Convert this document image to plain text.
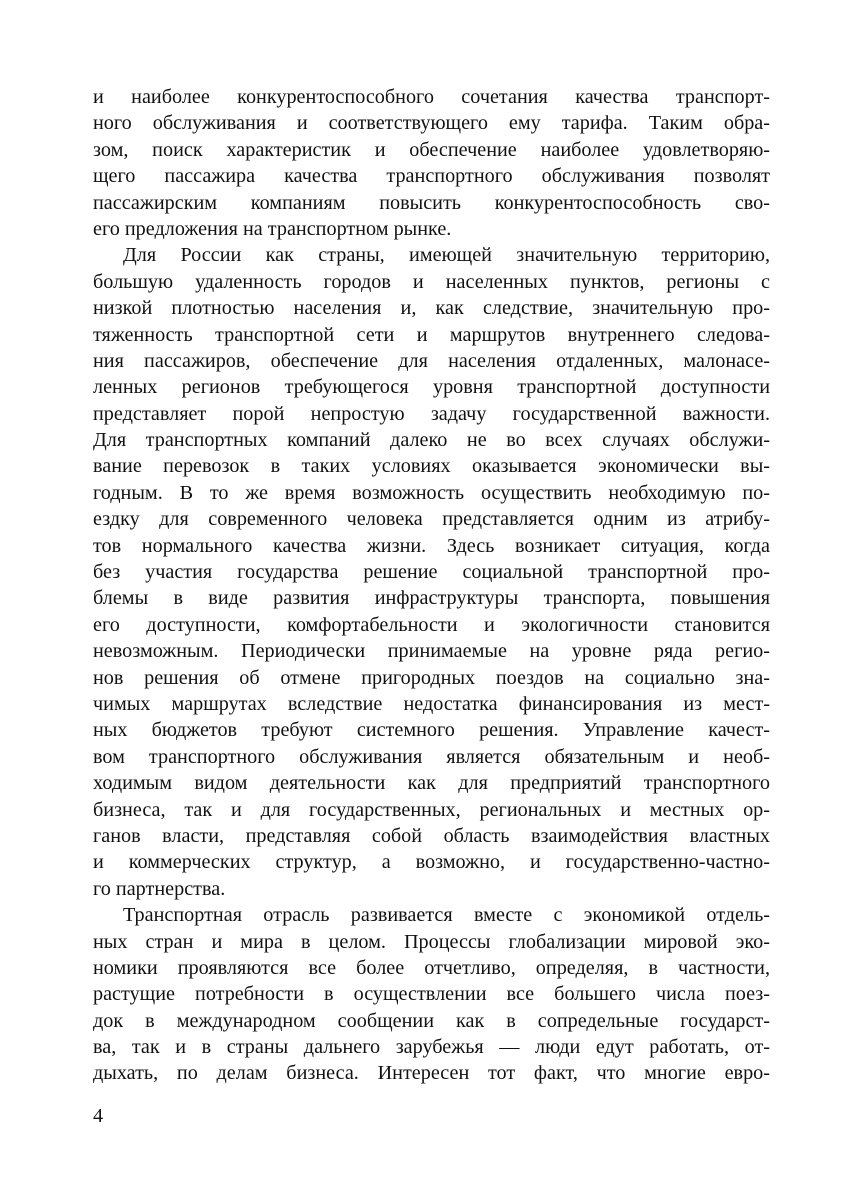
и наиболее конкурентоспособного сочетания качества транспорт-
ного обслуживания и соответствующего ему тарифа. Таким обра-
зом, поиск характеристик и обеспечение наиболее удовлетворяю-
щего пассажира качества транспортного обслуживания позволят
пассажирским компаниям повысить конкурентоспособность сво-
его предложения на транспортном рынке.
Для России как страны, имеющей значительную территорию,
большую удаленность городов и населенных пунктов, регионы с
низкой плотностью населения и, как следствие, значительную про-
тяженность транспортной сети и маршрутов внутреннего следова-
ния пассажиров, обеспечение для населения отдаленных, малонасе-
ленных регионов требующегося уровня транспортной доступности
представляет порой непростую задачу государственной важности.
Для транспортных компаний далеко не во всех случаях обслужи-
вание перевозок в таких условиях оказывается экономически вы-
годным. В то же время возможность осуществить необходимую по-
ездку для современного человека представляется одним из атрибу-
тов нормального качества жизни. Здесь возникает ситуация, когда
без участия государства решение социальной транспортной про-
блемы в виде развития инфраструктуры транспорта, повышения
его доступности, комфортабельности и экологичности становится
невозможным. Периодически принимаемые на уровне ряда регио-
нов решения об отмене пригородных поездов на социально зна-
чимых маршрутах вследствие недостатка финансирования из мест-
ных бюджетов требуют системного решения. Управление качест-
вом транспортного обслуживания является обязательным и необ-
ходимым видом деятельности как для предприятий транспортного
бизнеса, так и для государственных, региональных и местных ор-
ганов власти, представляя собой область взаимодействия властных
и коммерческих структур, а возможно, и государственно-частно-
го партнерства.
Транспортная отрасль развивается вместе с экономикой отдель-
ных стран и мира в целом. Процессы глобализации мировой эко-
номики проявляются все более отчетливо, определяя, в частности,
растущие потребности в осуществлении все большего числа поез-
док в международном сообщении как в сопредельные государст-
ва, так и в страны дальнего зарубежья — люди едут работать, от-
дыхать, по делам бизнеса. Интересен тот факт, что многие евро-
4
